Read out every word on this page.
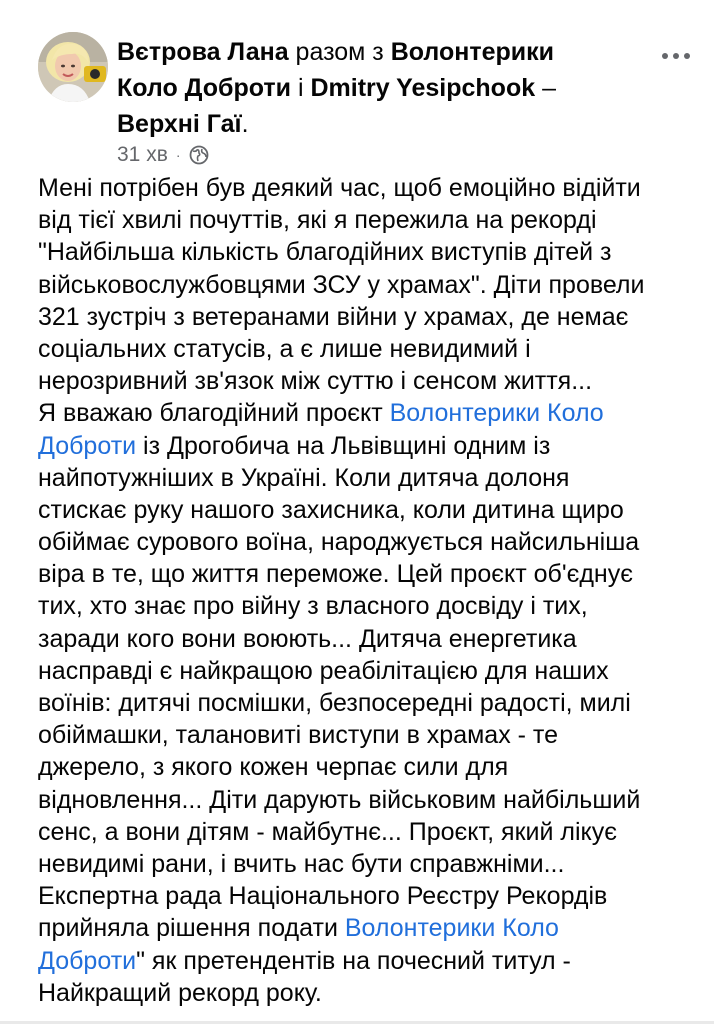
Вєтрова Лана разом з Волонтерики Коло Доброти і Dmitry Yesipchook – Верхні Гаї.
31 хв ·
Мені потрібен був деякий час, щоб емоційно відійти
від тієї хвилі почуттів, які я пережила на рекорді
"Найбільша кількість благодійних виступів дітей з
військовослужбовцями ЗСУ у храмах". Діти провели
321 зустріч з ветеранами війни у храмах, де немає
соціальних статусів, а є лише невидимий і
нерозривний зв'язок між суттю і сенсом життя...
Я вважаю благодійний проєкт Волонтерики Коло
Доброти із Дрогобича на Львівщині одним із
найпотужніших в Україні. Коли дитяча долоня
стискає руку нашого захисника, коли дитина щиро
обіймає сурового воїна, народжується найсильніша
віра в те, що життя переможе. Цей проєкт об'єднує
тих, хто знає про війну з власного досвіду і тих,
заради кого вони воюють... Дитяча енергетика
насправді є найкращою реабілітацією для наших
воїнів: дитячі посмішки, безпосередні радості, милі
обіймашки, талановиті виступи в храмах - те
джерело, з якого кожен черпає сили для
відновлення... Діти дарують військовим найбільший
сенс, а вони дітям - майбутнє... Проєкт, який лікує
невидимі рани, і вчить нас бути справжніми...
Експертна рада Національного Реєстру Рекордів
прийняла рішення подати Волонтерики Коло
Доброти" як претендентів на почесний титул -
Найкращий рекорд року.
